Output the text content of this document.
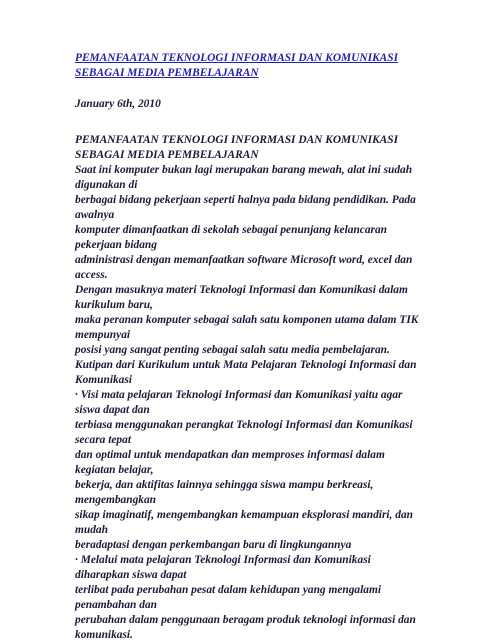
PEMANFAATAN TEKNOLOGI INFORMASI DAN KOMUNIKASI
SEBAGAI MEDIA PEMBELAJARAN
January 6th, 2010
PEMANFAATAN TEKNOLOGI INFORMASI DAN KOMUNIKASI
SEBAGAI MEDIA PEMBELAJARAN
Saat ini komputer bukan lagi merupakan barang mewah, alat ini sudah
digunakan di
berbagai bidang pekerjaan seperti halnya pada bidang pendidikan. Pada
awalnya
komputer dimanfaatkan di sekolah sebagai penunjang kelancaran
pekerjaan bidang
administrasi dengan memanfaatkan software Microsoft word, excel dan
access.
Dengan masuknya materi Teknologi Informasi dan Komunikasi dalam
kurikulum baru,
maka peranan komputer sebagai salah satu komponen utama dalam TIK
mempunyai
posisi yang sangat penting sebagai salah satu media pembelajaran.
Kutipan dari Kurikulum untuk Mata Pelajaran Teknologi Informasi dan
Komunikasi
· Visi mata pelajaran Teknologi Informasi dan Komunikasi yaitu agar
siswa dapat dan
terbiasa menggunakan perangkat Teknologi Informasi dan Komunikasi
secara tepat
dan optimal untuk mendapatkan dan memproses informasi dalam
kegiatan belajar,
bekerja, dan aktifitas lainnya sehingga siswa mampu berkreasi,
mengembangkan
sikap imaginatif, mengembangkan kemampuan eksplorasi mandiri, dan
mudah
beradaptasi dengan perkembangan baru di lingkungannya
· Melalui mata pelajaran Teknologi Informasi dan Komunikasi
diharapkan siswa dapat
terlibat pada perubahan pesat dalam kehidupan yang mengalami
penambahan dan
perubahan dalam penggunaan beragam produk teknologi informasi dan
komunikasi.
